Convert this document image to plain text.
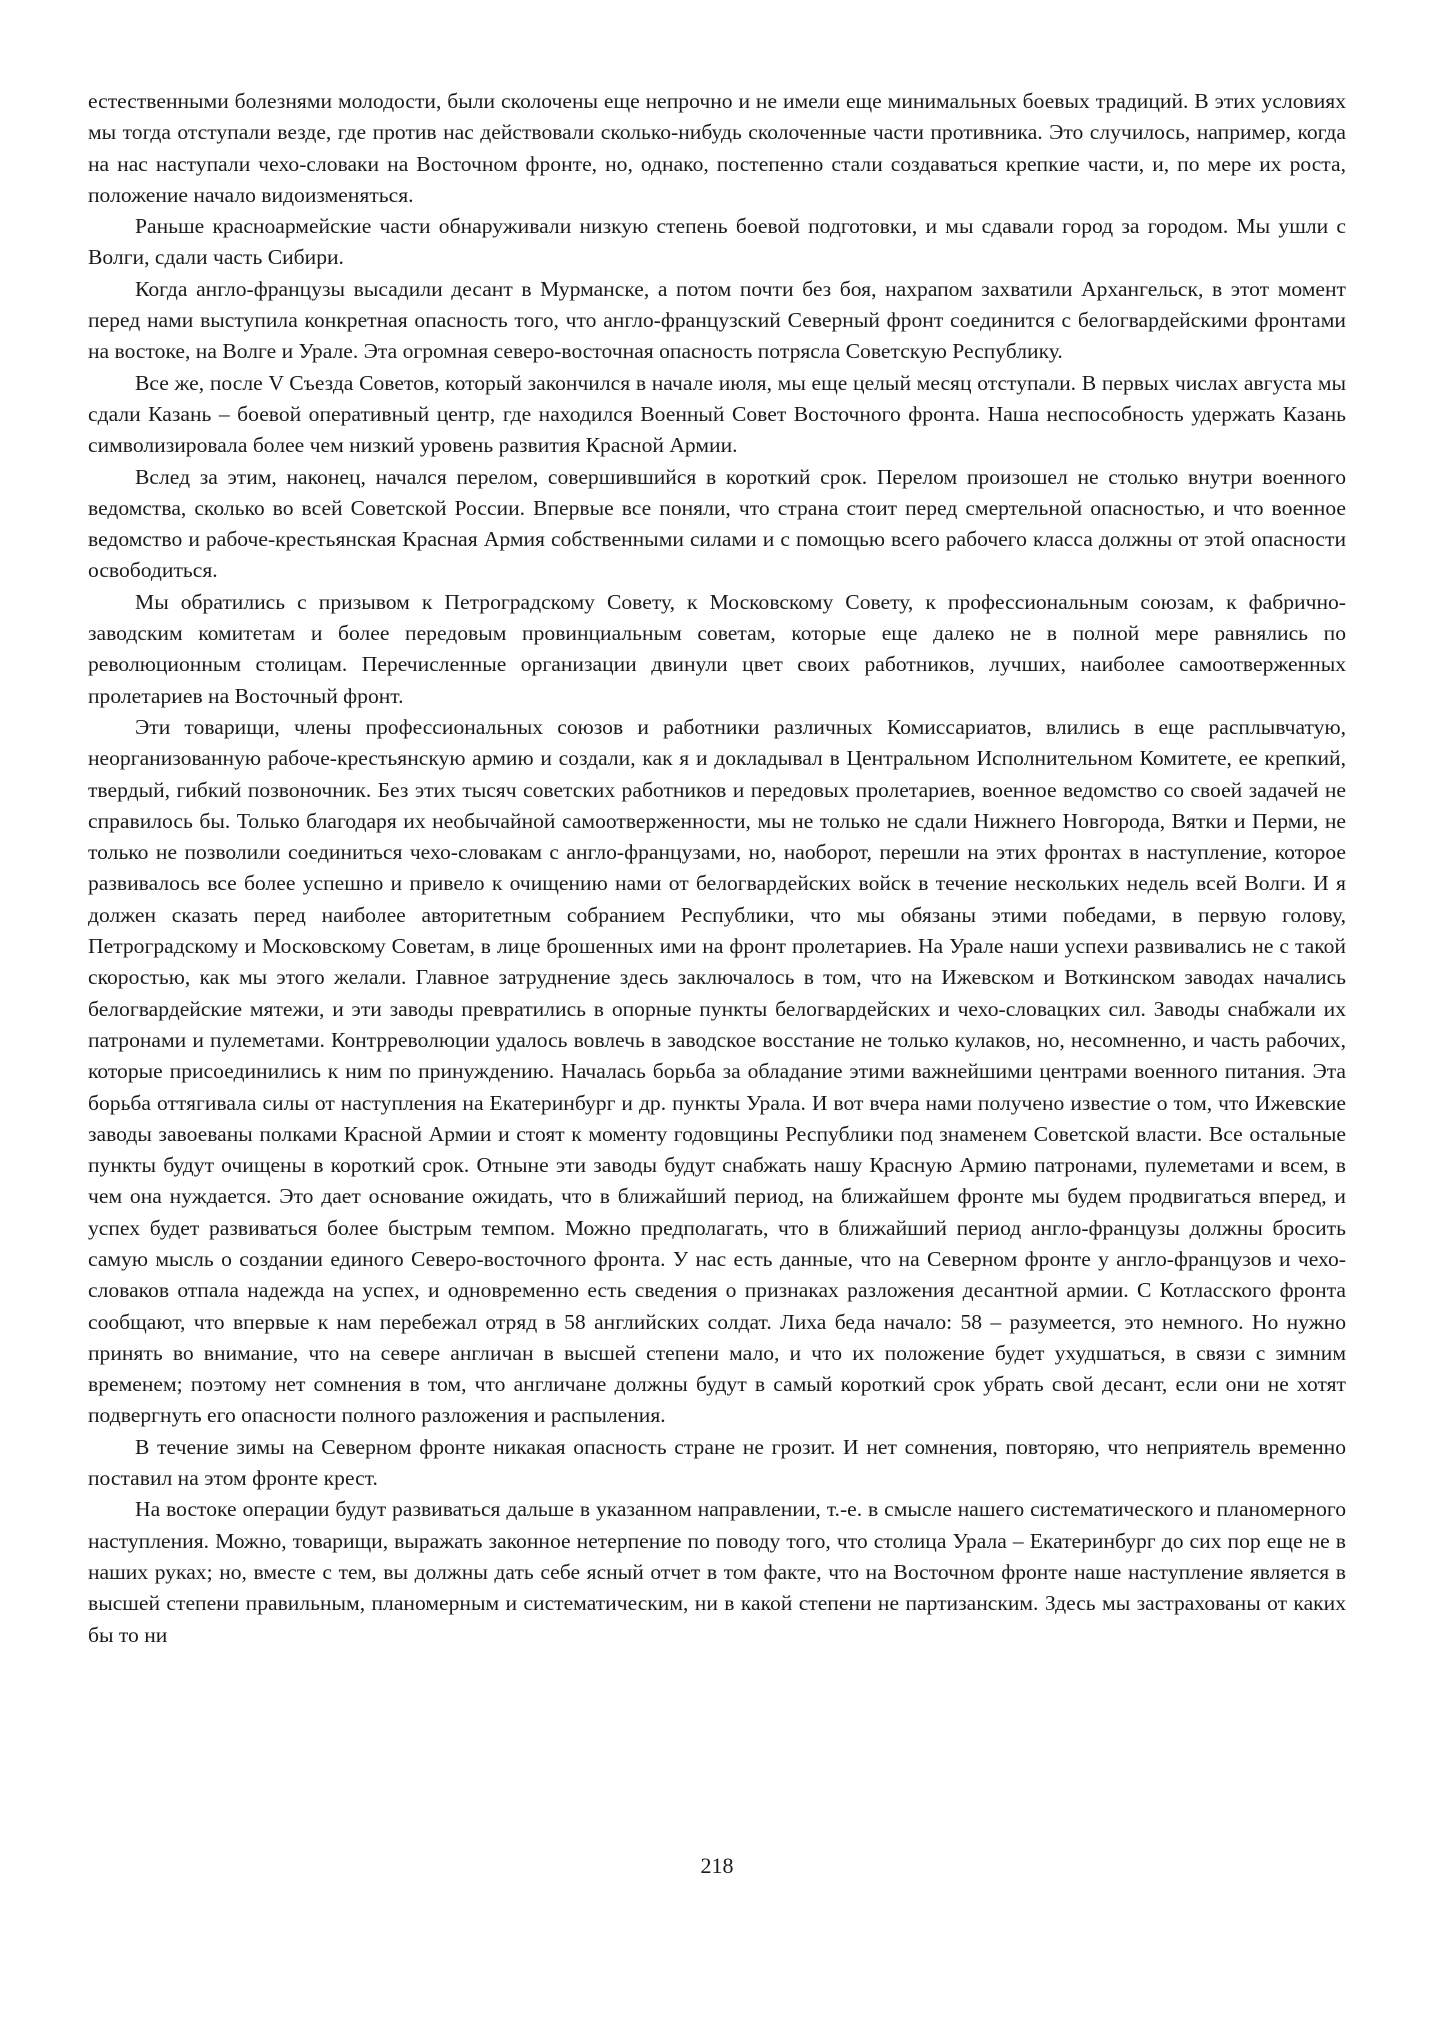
естественными болезнями молодости, были сколочены еще непрочно и не имели еще минимальных боевых традиций. В этих условиях мы тогда отступали везде, где против нас действовали сколько-нибудь сколоченные части противника. Это случилось, например, когда на нас наступали чехо-словаки на Восточном фронте, но, однако, постепенно стали создаваться крепкие части, и, по мере их роста, положение начало видоизменяться.

Раньше красноармейские части обнаруживали низкую степень боевой подготовки, и мы сдавали город за городом. Мы ушли с Волги, сдали часть Сибири.

Когда англо-французы высадили десант в Мурманске, а потом почти без боя, нахрапом захватили Архангельск, в этот момент перед нами выступила конкретная опасность того, что англо-французский Северный фронт соединится с белогвардейскими фронтами на востоке, на Волге и Урале. Эта огромная северо-восточная опасность потрясла Советскую Республику.

Все же, после V Съезда Советов, который закончился в начале июля, мы еще целый месяц отступали. В первых числах августа мы сдали Казань – боевой оперативный центр, где находился Военный Совет Восточного фронта. Наша неспособность удержать Казань символизировала более чем низкий уровень развития Красной Армии.

Вслед за этим, наконец, начался перелом, совершившийся в короткий срок. Перелом произошел не столько внутри военного ведомства, сколько во всей Советской России. Впервые все поняли, что страна стоит перед смертельной опасностью, и что военное ведомство и рабоче-крестьянская Красная Армия собственными силами и с помощью всего рабочего класса должны от этой опасности освободиться.

Мы обратились с призывом к Петроградскому Совету, к Московскому Совету, к профессиональным союзам, к фабрично-заводским комитетам и более передовым провинциальным советам, которые еще далеко не в полной мере равнялись по революционным столицам. Перечисленные организации двинули цвет своих работников, лучших, наиболее самоотверженных пролетариев на Восточный фронт.

Эти товарищи, члены профессиональных союзов и работники различных Комиссариатов, влились в еще расплывчатую, неорганизованную рабоче-крестьянскую армию и создали, как я и докладывал в Центральном Исполнительном Комитете, ее крепкий, твердый, гибкий позвоночник. Без этих тысяч советских работников и передовых пролетариев, военное ведомство со своей задачей не справилось бы. Только благодаря их необычайной самоотверженности, мы не только не сдали Нижнего Новгорода, Вятки и Перми, не только не позволили соединиться чехо-словакам с англо-французами, но, наоборот, перешли на этих фронтах в наступление, которое развивалось все более успешно и привело к очищению нами от белогвардейских войск в течение нескольких недель всей Волги. И я должен сказать перед наиболее авторитетным собранием Республики, что мы обязаны этими победами, в первую голову, Петроградскому и Московскому Советам, в лице брошенных ими на фронт пролетариев. На Урале наши успехи развивались не с такой скоростью, как мы этого желали. Главное затруднение здесь заключалось в том, что на Ижевском и Воткинском заводах начались белогвардейские мятежи, и эти заводы превратились в опорные пункты белогвардейских и чехо-словацких сил. Заводы снабжали их патронами и пулеметами. Контрреволюции удалось вовлечь в заводское восстание не только кулаков, но, несомненно, и часть рабочих, которые присоединились к ним по принуждению. Началась борьба за обладание этими важнейшими центрами военного питания. Эта борьба оттягивала силы от наступления на Екатеринбург и др. пункты Урала. И вот вчера нами получено известие о том, что Ижевские заводы завоеваны полками Красной Армии и стоят к моменту годовщины Республики под знаменем Советской власти. Все остальные пункты будут очищены в короткий срок. Отныне эти заводы будут снабжать нашу Красную Армию патронами, пулеметами и всем, в чем она нуждается. Это дает основание ожидать, что в ближайший период, на ближайшем фронте мы будем продвигаться вперед, и успех будет развиваться более быстрым темпом. Можно предполагать, что в ближайший период англо-французы должны бросить самую мысль о создании единого Северо-восточного фронта. У нас есть данные, что на Северном фронте у англо-французов и чехо-словаков отпала надежда на успех, и одновременно есть сведения о признаках разложения десантной армии. С Котласского фронта сообщают, что впервые к нам перебежал отряд в 58 английских солдат. Лиха беда начало: 58 – разумеется, это немного. Но нужно принять во внимание, что на севере англичан в высшей степени мало, и что их положение будет ухудшаться, в связи с зимним временем; поэтому нет сомнения в том, что англичане должны будут в самый короткий срок убрать свой десант, если они не хотят подвергнуть его опасности полного разложения и распыления.

В течение зимы на Северном фронте никакая опасность стране не грозит. И нет сомнения, повторяю, что неприятель временно поставил на этом фронте крест.

На востоке операции будут развиваться дальше в указанном направлении, т.-е. в смысле нашего систематического и планомерного наступления. Можно, товарищи, выражать законное нетерпение по поводу того, что столица Урала – Екатеринбург до сих пор еще не в наших руках; но, вместе с тем, вы должны дать себе ясный отчет в том факте, что на Восточном фронте наше наступление является в высшей степени правильным, планомерным и систематическим, ни в какой степени не партизанским. Здесь мы застрахованы от каких бы то ни

218
